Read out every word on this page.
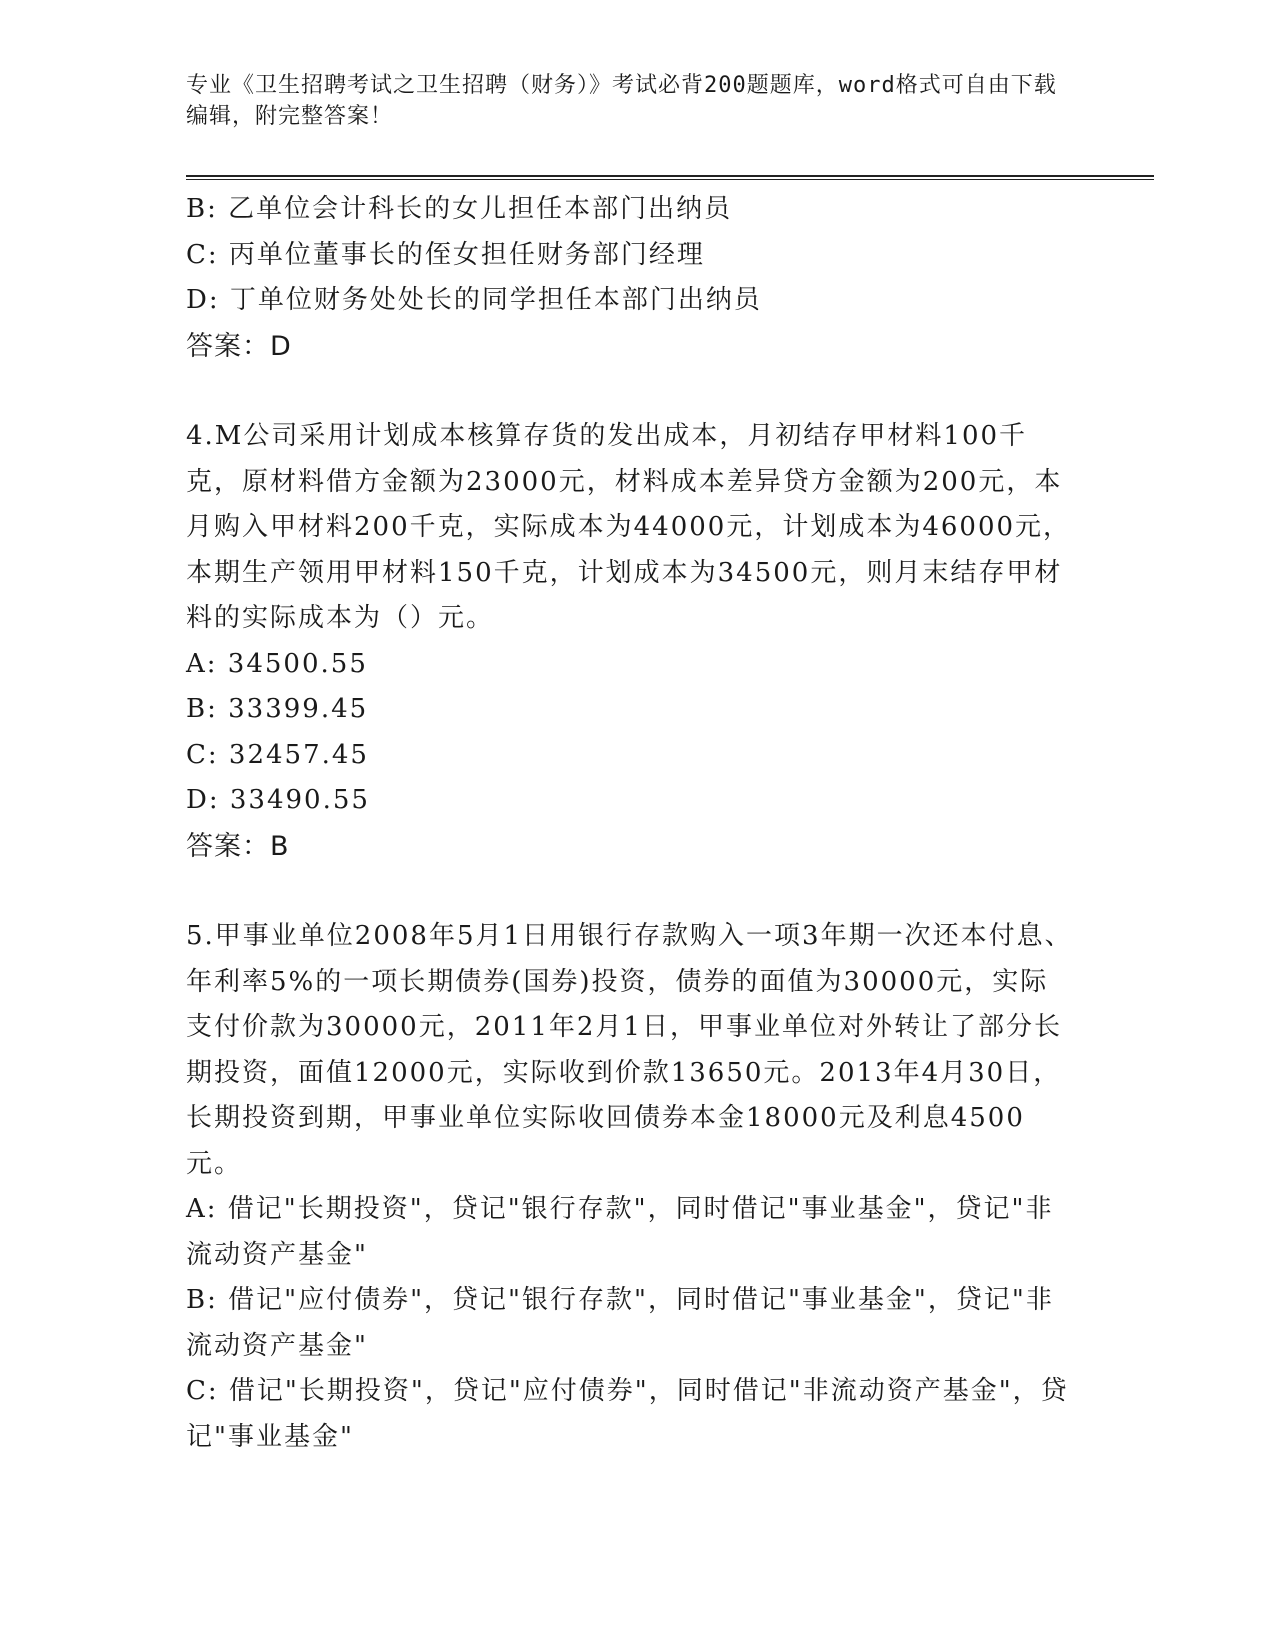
专业《卫生招聘考试之卫生招聘（财务）》考试必背200题题库，word格式可自由下载编辑，附完整答案！

B: 乙单位会计科长的女儿担任本部门出纳员

C: 丙单位董事长的侄女担任财务部门经理

D: 丁单位财务处处长的同学担任本部门出纳员

答案：D

4.M公司采用计划成本核算存货的发出成本，月初结存甲材料100千克，原材料借方金额为23000元，材料成本差异贷方金额为200元，本月购入甲材料200千克，实际成本为44000元，计划成本为46000元，本期生产领用甲材料150千克，计划成本为34500元，则月末结存甲材料的实际成本为（）元。

A: 34500.55

B: 33399.45

C: 32457.45

D: 33490.55

答案：B

5.甲事业单位2008年5月1日用银行存款购入一项3年期一次还本付息、年利率5%的一项长期债券(国券)投资，债券的面值为30000元，实际支付价款为30000元，2011年2月1日，甲事业单位对外转让了部分长期投资，面值12000元，实际收到价款13650元。2013年4月30日，长期投资到期，甲事业单位实际收回债券本金18000元及利息4500元。

A: 借记"长期投资"，贷记"银行存款"，同时借记"事业基金"，贷记"非流动资产基金"

B: 借记"应付债券"，贷记"银行存款"，同时借记"事业基金"，贷记"非流动资产基金"

C: 借记"长期投资"，贷记"应付债券"，同时借记"非流动资产基金"，贷记"事业基金"
